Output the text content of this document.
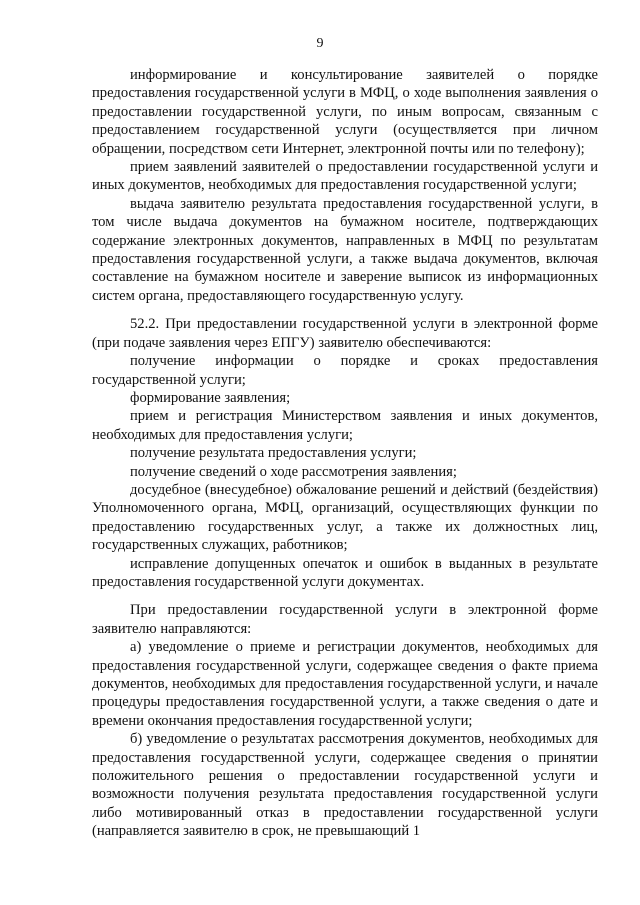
9

информирование и консультирование заявителей о порядке предоставления государственной услуги в МФЦ, о ходе выполнения заявления о предоставлении государственной услуги, по иным вопросам, связанным с предоставлением государственной услуги (осуществляется при личном обращении, посредством сети Интернет, электронной почты или по телефону);

прием заявлений заявителей о предоставлении государственной услуги и иных документов, необходимых для предоставления государственной услуги;

выдача заявителю результата предоставления государственной услуги, в том числе выдача документов на бумажном носителе, подтверждающих содержание электронных документов, направленных в МФЦ по результатам предоставления государственной услуги, а также выдача документов, включая составление на бумажном носителе и заверение выписок из информационных систем органа, предоставляющего государственную услугу.

52.2. При предоставлении государственной услуги в электронной форме (при подаче заявления через ЕПГУ) заявителю обеспечиваются:

получение информации о порядке и сроках предоставления государственной услуги;

формирование заявления;

прием и регистрация Министерством заявления и иных документов, необходимых для предоставления услуги;

получение результата предоставления услуги;

получение сведений о ходе рассмотрения заявления;

досудебное (внесудебное) обжалование решений и действий (бездействия) Уполномоченного органа, МФЦ, организаций, осуществляющих функции по предоставлению государственных услуг, а также их должностных лиц, государственных служащих, работников;

исправление допущенных опечаток и ошибок в выданных в результате предоставления государственной услуги документах.

При предоставлении государственной услуги в электронной форме заявителю направляются:

а) уведомление о приеме и регистрации документов, необходимых для предоставления государственной услуги, содержащее сведения о факте приема документов, необходимых для предоставления государственной услуги, и начале процедуры предоставления государственной услуги, а также сведения о дате и времени окончания предоставления государственной услуги;

б) уведомление о результатах рассмотрения документов, необходимых для предоставления государственной услуги, содержащее сведения о принятии положительного решения о предоставлении государственной услуги и возможности получения результата предоставления государственной услуги либо мотивированный отказ в предоставлении государственной услуги (направляется заявителю в срок, не превышающий 1
